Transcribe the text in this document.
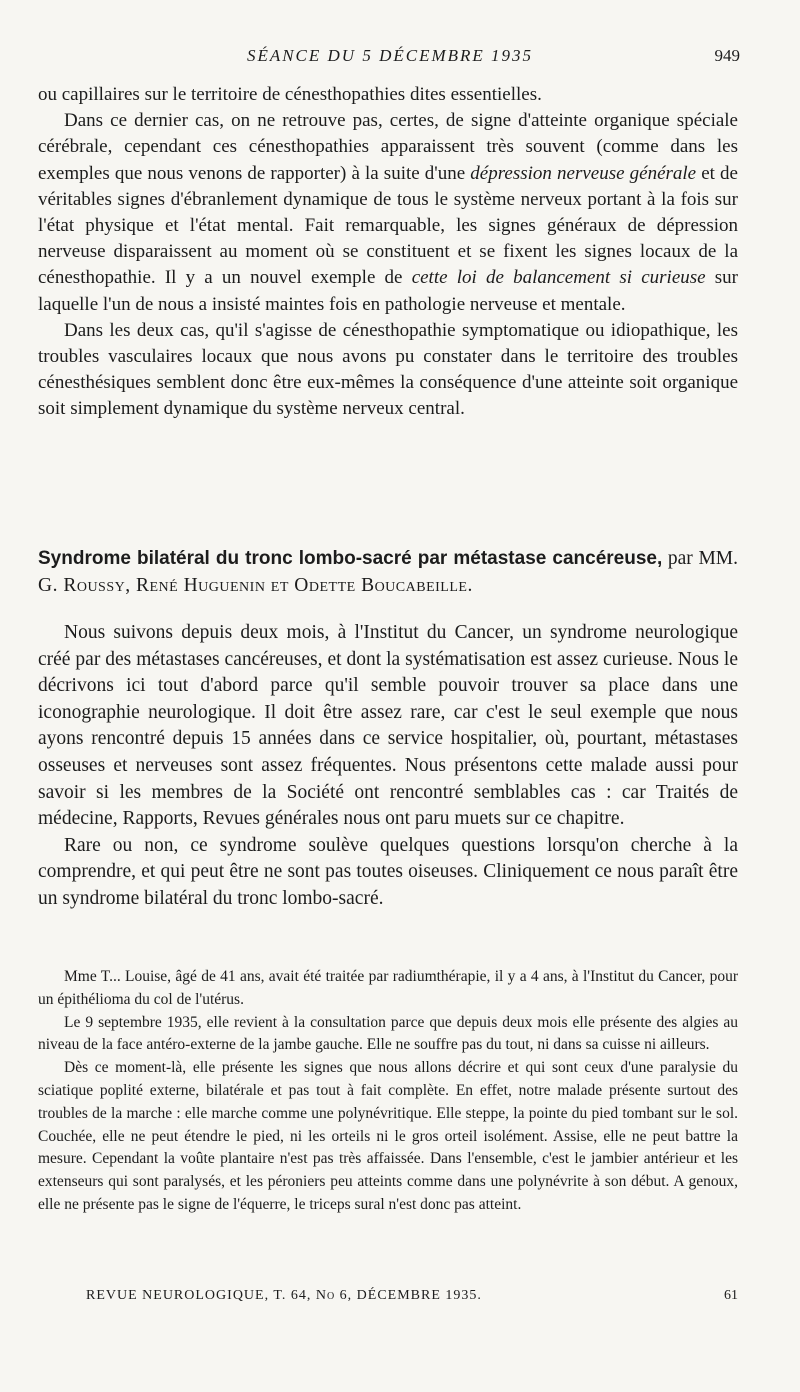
SÉANCE DU 5 DÉCEMBRE 1935	949

ou capillaires sur le territoire de cénesthopathies dites essentielles.

Dans ce dernier cas, on ne retrouve pas, certes, de signe d'atteinte organique spéciale cérébrale, cependant ces cénesthopathies apparaissent très souvent (comme dans les exemples que nous venons de rapporter) à la suite d'une dépression nerveuse générale et de véritables signes d'ébranlement dynamique de tous le système nerveux portant à la fois sur l'état physique et l'état mental. Fait remarquable, les signes généraux de dépression nerveuse disparaissent au moment où se constituent et se fixent les signes locaux de la cénesthopathie. Il y a un nouvel exemple de cette loi de balancement si curieuse sur laquelle l'un de nous a insisté maintes fois en pathologie nerveuse et mentale.

Dans les deux cas, qu'il s'agisse de cénesthopathie symptomatique ou idiopathique, les troubles vasculaires locaux que nous avons pu constater dans le territoire des troubles cénesthésiques semblent donc être eux-mêmes la conséquence d'une atteinte soit organique soit simplement dynamique du système nerveux central.

Syndrome bilatéral du tronc lombo-sacré par métastase cancéreuse, par MM. G. Roussy, René Huguenin et Odette Boucabeille.

Nous suivons depuis deux mois, à l'Institut du Cancer, un syndrome neurologique créé par des métastases cancéreuses, et dont la systématisation est assez curieuse. Nous le décrivons ici tout d'abord parce qu'il semble pouvoir trouver sa place dans une iconographie neurologique. Il doit être assez rare, car c'est le seul exemple que nous ayons rencontré depuis 15 années dans ce service hospitalier, où, pourtant, métastases osseuses et nerveuses sont assez fréquentes. Nous présentons cette malade aussi pour savoir si les membres de la Société ont rencontré semblables cas : car Traités de médecine, Rapports, Revues générales nous ont paru muets sur ce chapitre.

Rare ou non, ce syndrome soulève quelques questions lorsqu'on cherche à la comprendre, et qui peut être ne sont pas toutes oiseuses. Cliniquement ce nous paraît être un syndrome bilatéral du tronc lombo-sacré.

Mme T... Louise, âgé de 41 ans, avait été traitée par radiumthérapie, il y a 4 ans, à l'Institut du Cancer, pour un épithélioma du col de l'utérus.

Le 9 septembre 1935, elle revient à la consultation parce que depuis deux mois elle présente des algies au niveau de la face antéro-externe de la jambe gauche. Elle ne souffre pas du tout, ni dans sa cuisse ni ailleurs.

Dès ce moment-là, elle présente les signes que nous allons décrire et qui sont ceux d'une paralysie du sciatique poplité externe, bilatérale et pas tout à fait complète. En effet, notre malade présente surtout des troubles de la marche : elle marche comme une polynévritique. Elle steppe, la pointe du pied tombant sur le sol. Couchée, elle ne peut étendre le pied, ni les orteils ni le gros orteil isolément. Assise, elle ne peut battre la mesure. Cependant la voûte plantaire n'est pas très affaissée. Dans l'ensemble, c'est le jambier antérieur et les extenseurs qui sont paralysés, et les péroniers peu atteints comme dans une polynévrite à son début. A genoux, elle ne présente pas le signe de l'équerre, le triceps sural n'est donc pas atteint.

REVUE NEUROLOGIQUE, T. 64, No 6, DÉCEMBRE 1935.	61
